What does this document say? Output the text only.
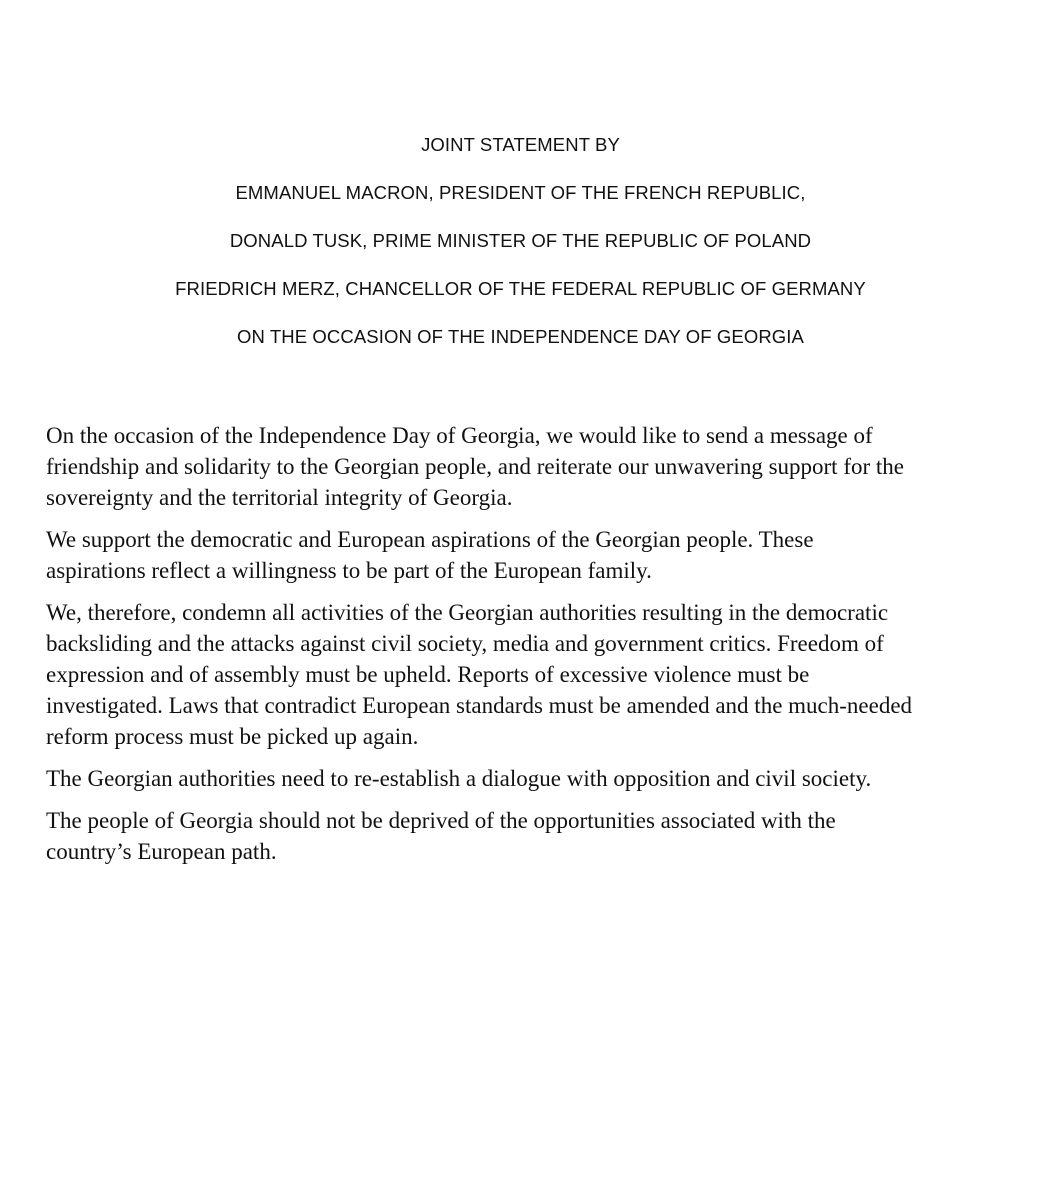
JOINT STATEMENT BY
EMMANUEL MACRON, PRESIDENT OF THE FRENCH REPUBLIC,
DONALD TUSK, PRIME MINISTER OF THE REPUBLIC OF POLAND
FRIEDRICH MERZ, CHANCELLOR OF THE FEDERAL REPUBLIC OF GERMANY
ON THE OCCASION OF THE INDEPENDENCE DAY OF GEORGIA

On the occasion of the Independence Day of Georgia, we would like to send a message of
friendship and solidarity to the Georgian people, and reiterate our unwavering support for the
sovereignty and the territorial integrity of Georgia.

We support the democratic and European aspirations of the Georgian people. These
aspirations reflect a willingness to be part of the European family.

We, therefore, condemn all activities of the Georgian authorities resulting in the democratic
backsliding and the attacks against civil society, media and government critics. Freedom of
expression and of assembly must be upheld. Reports of excessive violence must be
investigated. Laws that contradict European standards must be amended and the much-needed
reform process must be picked up again.

The Georgian authorities need to re-establish a dialogue with opposition and civil society.

The people of Georgia should not be deprived of the opportunities associated with the
country’s European path.
